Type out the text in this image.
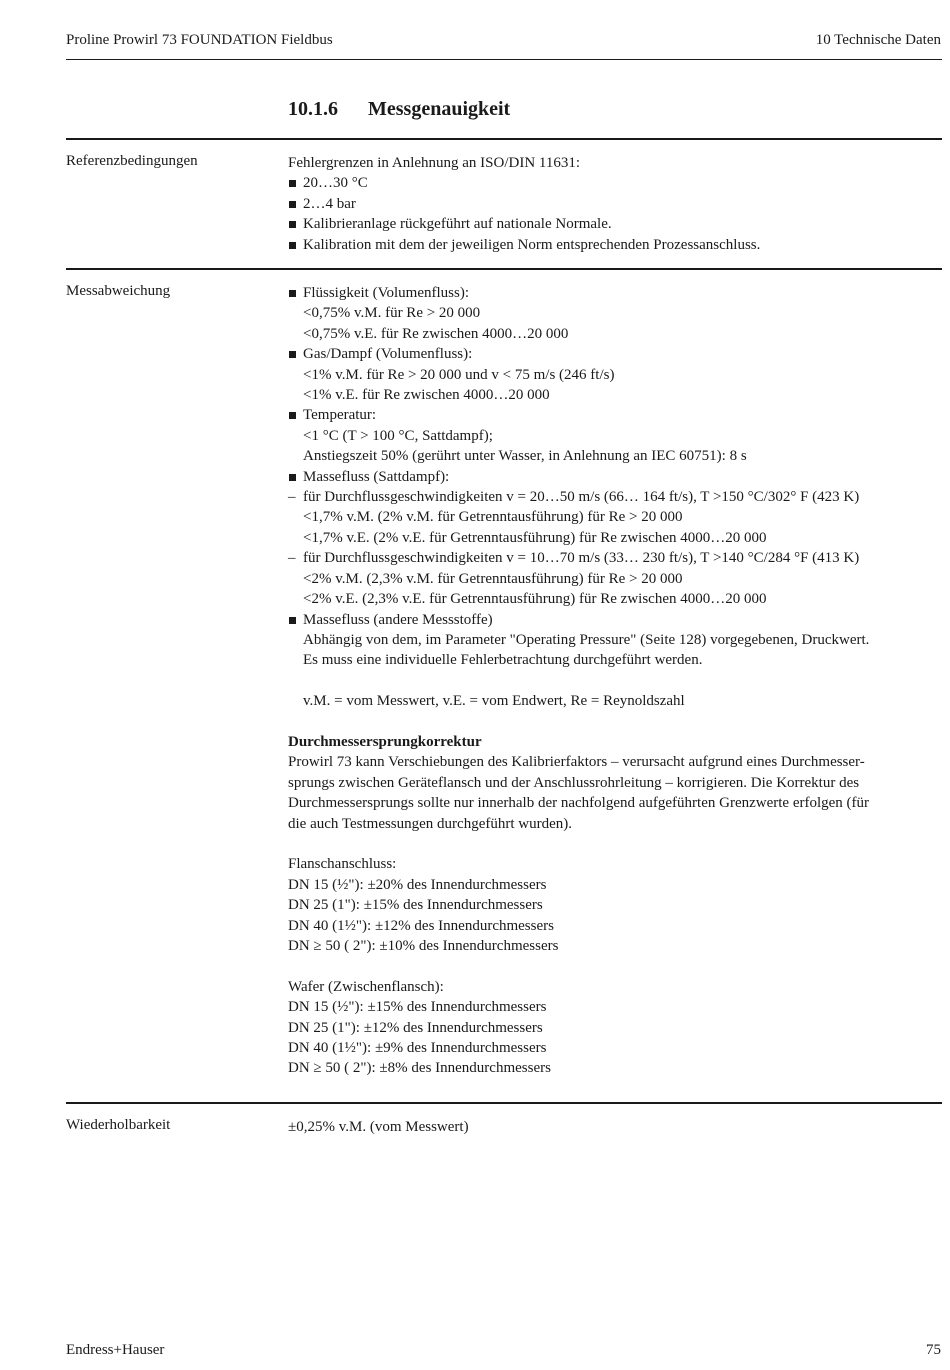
Proline Prowirl 73 FOUNDATION Fieldbus	10 Technische Daten
10.1.6 Messgenauigkeit
Referenzbedingungen	Fehlergrenzen in Anlehnung an ISO/DIN 11631:
20…30 °C
2…4 bar
Kalibrieranlage rückgeführt auf nationale Normale.
Kalibration mit dem der jeweiligen Norm entsprechenden Prozessanschluss.
Messabweichung	Flüssigkeit (Volumenfluss):
<0,75% v.M. für Re > 20 000
<0,75% v.E. für Re zwischen 4000…20 000
Gas/Dampf (Volumenfluss):
<1% v.M. für Re > 20 000 und v < 75 m/s (246 ft/s)
<1% v.E. für Re zwischen 4000…20 000
Temperatur:
<1 °C (T > 100 °C, Sattdampf);
Anstiegszeit 50% (gerührt unter Wasser, in Anlehnung an IEC 60751): 8 s
Massefluss (Sattdampf):
– für Durchflussgeschwindigkeiten v = 20…50 m/s (66… 164 ft/s), T >150 °C/302° F (423 K)
<1,7% v.M. (2% v.M. für Getrenntausführung) für Re > 20 000
<1,7% v.E. (2% v.E. für Getrenntausführung) für Re zwischen 4000…20 000
– für Durchflussgeschwindigkeiten v = 10…70 m/s (33… 230 ft/s), T >140 °C/284 °F (413 K)
<2% v.M. (2,3% v.M. für Getrenntausführung) für Re > 20 000
<2% v.E. (2,3% v.E. für Getrenntausführung) für Re zwischen 4000…20 000
Massefluss (andere Messstoffe)
Abhängig von dem, im Parameter "Operating Pressure" (Seite 128) vorgegebenen, Druckwert.
Es muss eine individuelle Fehlerbetrachtung durchgeführt werden.
v.M. = vom Messwert, v.E. = vom Endwert, Re = Reynoldszahl
Durchmessersprungkorrektur
Prowirl 73 kann Verschiebungen des Kalibrierfaktors – verursacht aufgrund eines Durchmesser-
sprungs zwischen Geräteflansch und der Anschlussrohrleitung – korrigieren. Die Korrektur des
Durchmessersprungs sollte nur innerhalb der nachfolgend aufgeführten Grenzwerte erfolgen (für
die auch Testmessungen durchgeführt wurden).
Flanschanschluss:
DN 15 (½"): ±20% des Innendurchmessers
DN 25 (1"): ±15% des Innendurchmessers
DN 40 (1½"): ±12% des Innendurchmessers
DN ≥ 50 ( 2"): ±10% des Innendurchmessers
Wafer (Zwischenflansch):
DN 15 (½"): ±15% des Innendurchmessers
DN 25 (1"): ±12% des Innendurchmessers
DN 40 (1½"): ±9% des Innendurchmessers
DN ≥ 50 ( 2"): ±8% des Innendurchmessers
Wiederholbarkeit	±0,25% v.M. (vom Messwert)
Endress+Hauser	75
